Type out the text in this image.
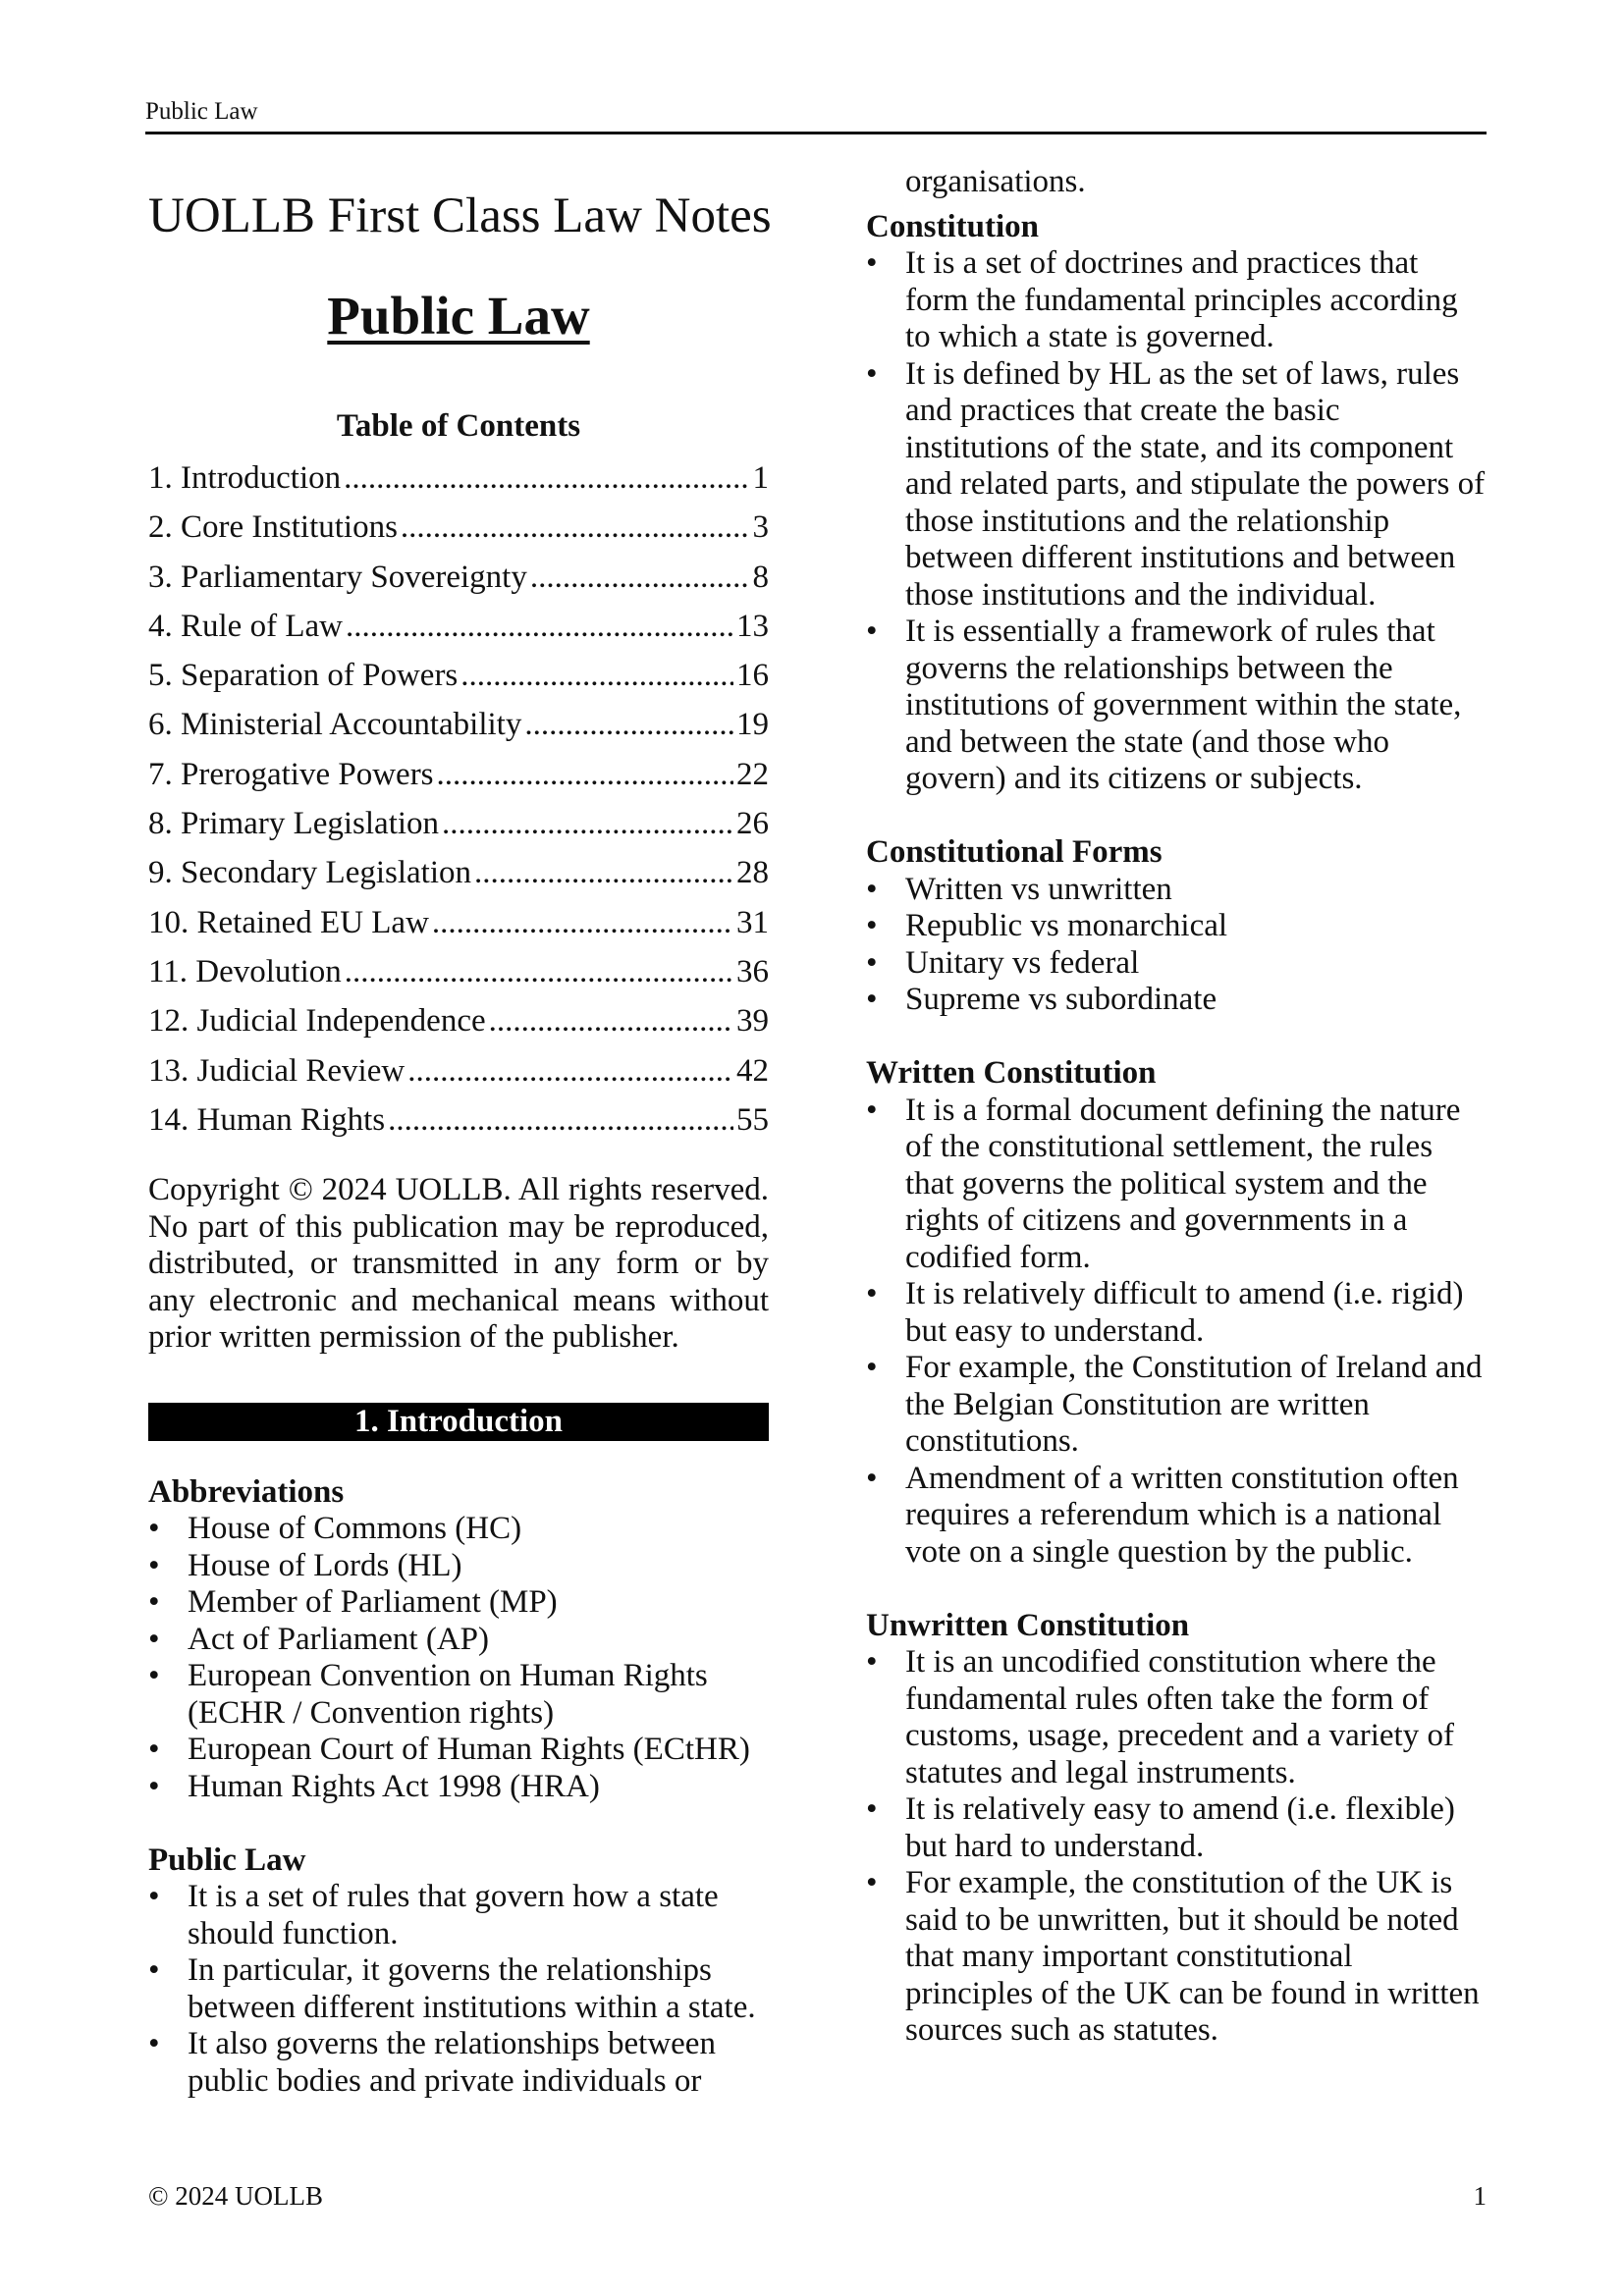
Public Law
UOLLB First Class Law Notes
Public Law
Table of Contents
1. Introduction .....	1
2. Core Institutions .....	3
3. Parliamentary Sovereignty .....	8
4. Rule of Law .....	13
5. Separation of Powers .....	16
6. Ministerial Accountability .....	19
7. Prerogative Powers .....	22
8. Primary Legislation .....	26
9. Secondary Legislation .....	28
10. Retained EU Law .....	31
11. Devolution .....	36
12. Judicial Independence .....	39
13. Judicial Review .....	42
14. Human Rights .....	55

Copyright © 2024 UOLLB. All rights reserved. No part of this publication may be reproduced, distributed, or transmitted in any form or by any electronic and mechanical means without prior written permission of the publisher.

1. Introduction
Abbreviations
• House of Commons (HC)
• House of Lords (HL)
• Member of Parliament (MP)
• Act of Parliament (AP)
• European Convention on Human Rights (ECHR / Convention rights)
• European Court of Human Rights (ECtHR)
• Human Rights Act 1998 (HRA)
Public Law
• It is a set of rules that govern how a state should function.
• In particular, it governs the relationships between different institutions within a state.
• It also governs the relationships between public bodies and private individuals or
organisations.
Constitution
• It is a set of doctrines and practices that form the fundamental principles according to which a state is governed.
• It is defined by HL as the set of laws, rules and practices that create the basic institutions of the state, and its component and related parts, and stipulate the powers of those institutions and the relationship between different institutions and between those institutions and the individual.
• It is essentially a framework of rules that governs the relationships between the institutions of government within the state, and between the state (and those who govern) and its citizens or subjects.
Constitutional Forms
• Written vs unwritten
• Republic vs monarchical
• Unitary vs federal
• Supreme vs subordinate
Written Constitution
• It is a formal document defining the nature of the constitutional settlement, the rules that governs the political system and the rights of citizens and governments in a codified form.
• It is relatively difficult to amend (i.e. rigid) but easy to understand.
• For example, the Constitution of Ireland and the Belgian Constitution are written constitutions.
• Amendment of a written constitution often requires a referendum which is a national vote on a single question by the public.
Unwritten Constitution
• It is an uncodified constitution where the fundamental rules often take the form of customs, usage, precedent and a variety of statutes and legal instruments.
• It is relatively easy to amend (i.e. flexible) but hard to understand.
• For example, the constitution of the UK is said to be unwritten, but it should be noted that many important constitutional principles of the UK can be found in written sources such as statutes.
© 2024 UOLLB	1
